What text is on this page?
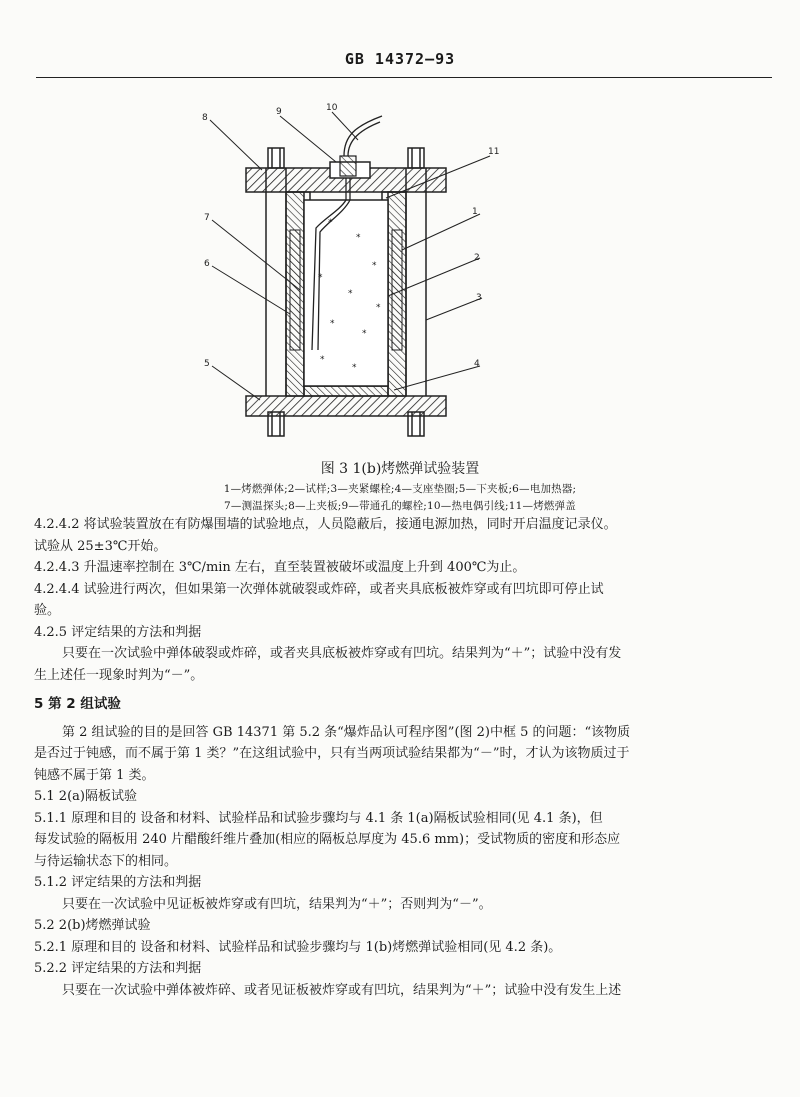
GB 14372—93
*
*
*
*
*
*
*
*
*
*
1
2
3
4
5
6
7
8
9	10
11
图 3 1(b)烤燃弹试验装置
1—烤燃弹体;2—试样;3—夹紧螺栓;4—支座垫圈;5—下夹板;6—电加热器;
7—测温探头;8—上夹板;9—带通孔的螺栓;10—热电偶引线;11—烤燃弹盖
4.2.4.2 将试验装置放在有防爆围墙的试验地点，人员隐蔽后，接通电源加热，同时开启温度记录仪。
试验从 25±3℃开始。
4.2.4.3 升温速率控制在 3℃/min 左右，直至装置被破坏或温度上升到 400℃为止。
4.2.4.4 试验进行两次，但如果第一次弹体就破裂或炸碎，或者夹具底板被炸穿或有凹坑即可停止试
验。
4.2.5 评定结果的方法和判据
只要在一次试验中弹体破裂或炸碎，或者夹具底板被炸穿或有凹坑。结果判为“＋”；试验中没有发
生上述任一现象时判为“－”。
5 第 2 组试验
第 2 组试验的目的是回答 GB 14371 第 5.2 条“爆炸品认可程序图”(图 2)中框 5 的问题：“该物质
是否过于钝感，而不属于第 1 类？”在这组试验中，只有当两项试验结果都为“－”时，才认为该物质过于
钝感不属于第 1 类。
5.1 2(a)隔板试验
5.1.1 原理和目的 设备和材料、试验样品和试验步骤均与 4.1 条 1(a)隔板试验相同(见 4.1 条)，但
每发试验的隔板用 240 片醋酸纤维片叠加(相应的隔板总厚度为 45.6 mm)；受试物质的密度和形态应
与待运输状态下的相同。
5.1.2 评定结果的方法和判据
只要在一次试验中见证板被炸穿或有凹坑，结果判为“＋”；否则判为“－”。
5.2 2(b)烤燃弹试验
5.2.1 原理和目的 设备和材料、试验样品和试验步骤均与 1(b)烤燃弹试验相同(见 4.2 条)。
5.2.2 评定结果的方法和判据
只要在一次试验中弹体被炸碎、或者见证板被炸穿或有凹坑，结果判为“＋”；试验中没有发生上述
